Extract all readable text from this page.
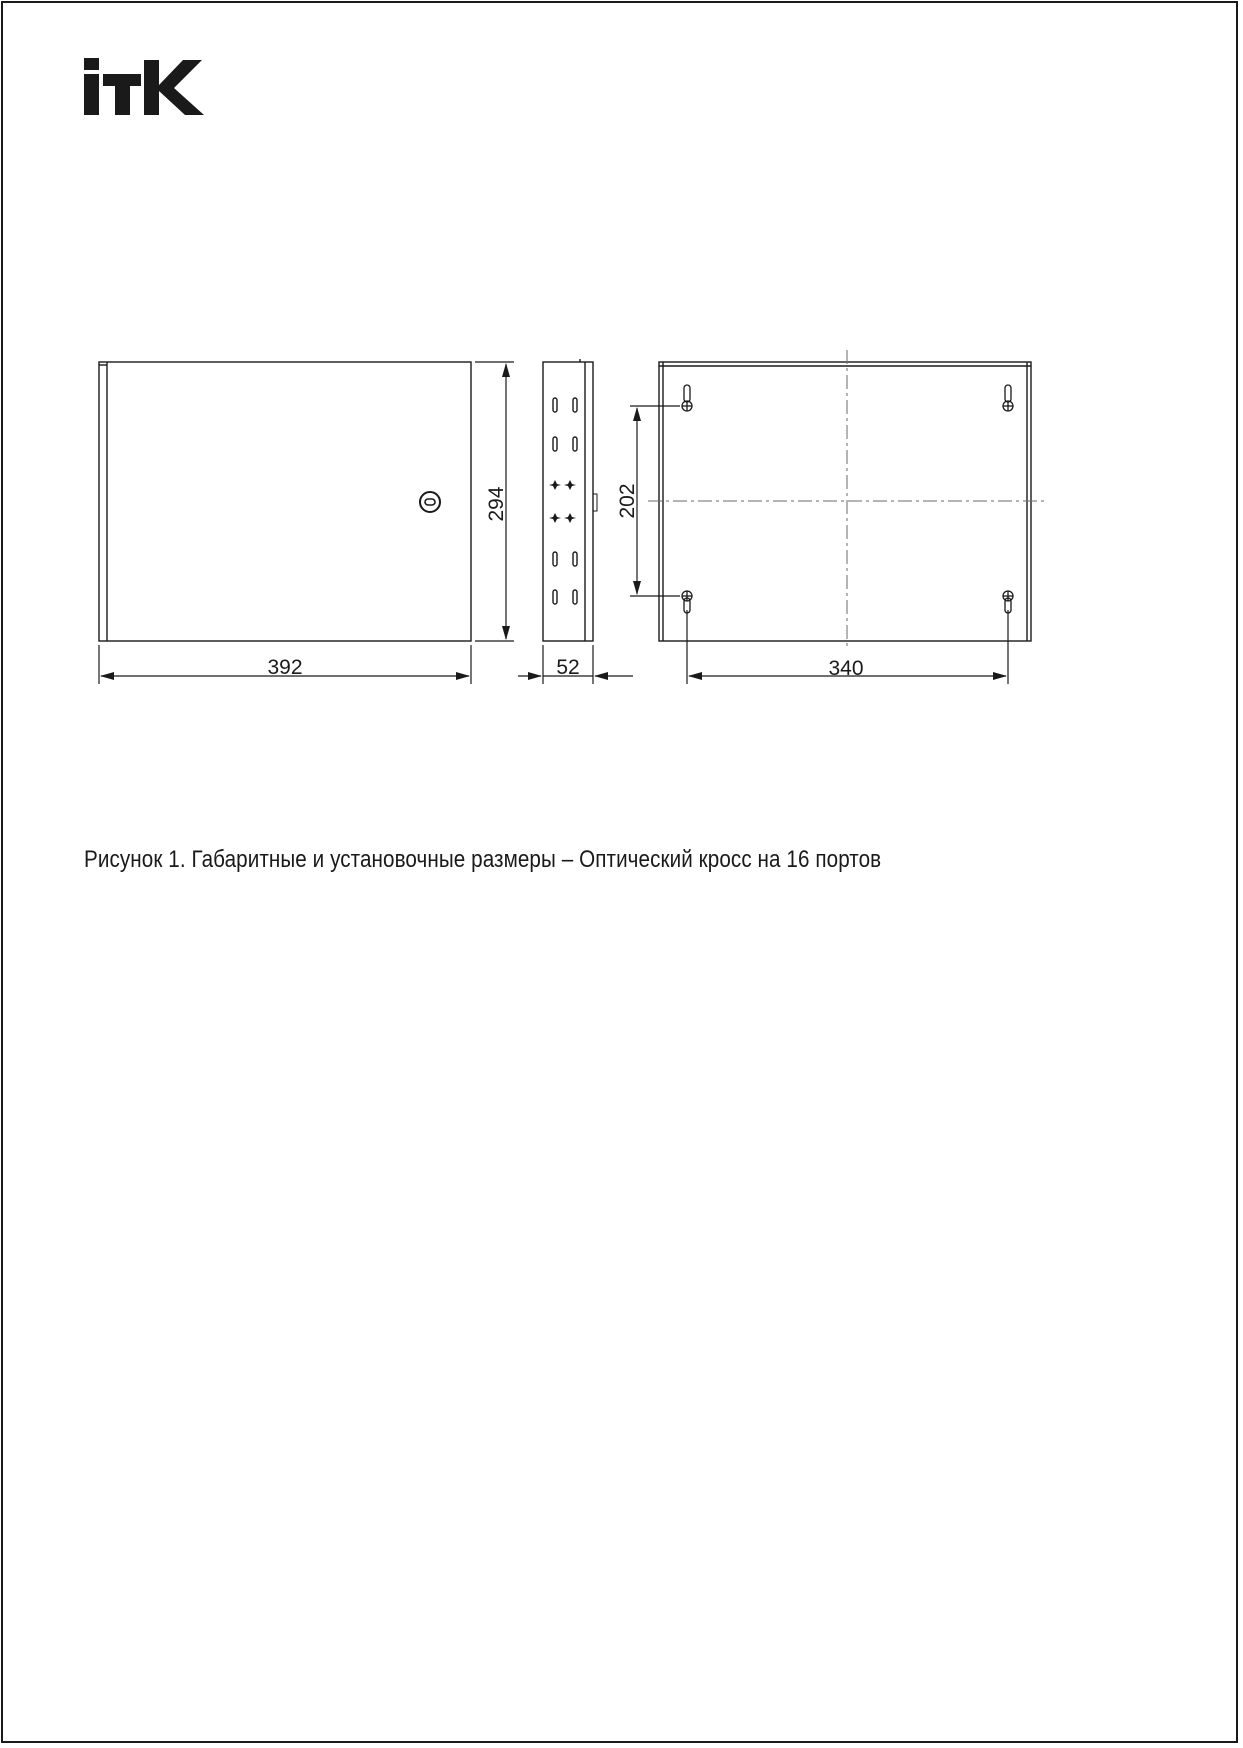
392
294
52
202
340
Рисунок 1. Габаритные и установочные размеры – Оптический кросс на 16 портов
